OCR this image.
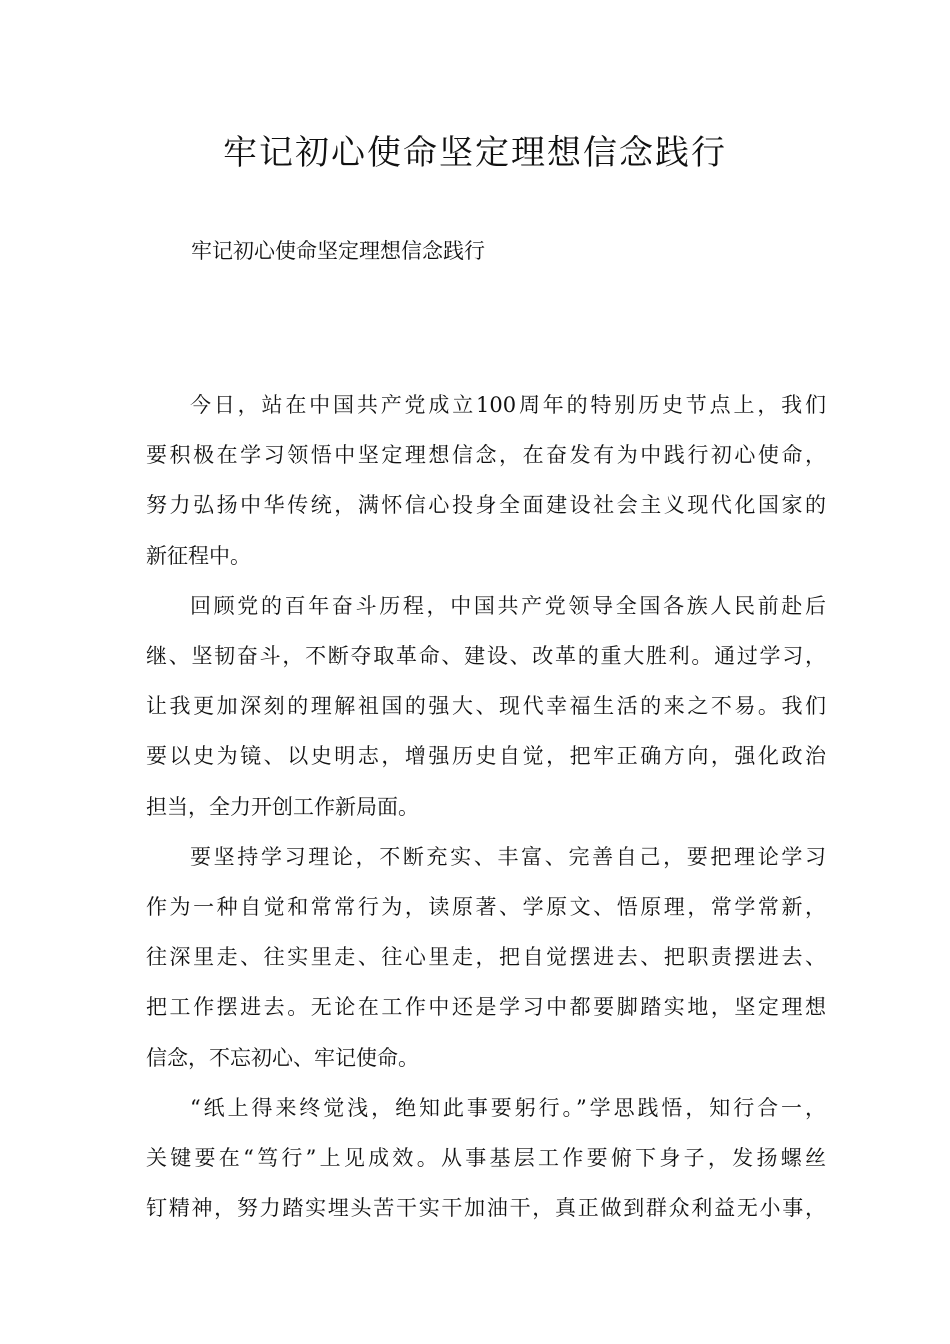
牢记初心使命坚定理想信念践行
牢记初心使命坚定理想信念践行

今日，站在中国共产党成立100周年的特别历史节点上，我们
要积极在学习领悟中坚定理想信念，在奋发有为中践行初心使命，
努力弘扬中华传统，满怀信心投身全面建设社会主义现代化国家的
新征程中。

回顾党的百年奋斗历程，中国共产党领导全国各族人民前赴后
继、坚韧奋斗，不断夺取革命、建设、改革的重大胜利。通过学习，
让我更加深刻的理解祖国的强大、现代幸福生活的来之不易。我们
要以史为镜、以史明志，增强历史自觉，把牢正确方向，强化政治
担当，全力开创工作新局面。

要坚持学习理论，不断充实、丰富、完善自己，要把理论学习
作为一种自觉和常常行为，读原著、学原文、悟原理，常学常新，
往深里走、往实里走、往心里走，把自觉摆进去、把职责摆进去、
把工作摆进去。无论在工作中还是学习中都要脚踏实地，坚定理想
信念，不忘初心、牢记使命。

“纸上得来终觉浅，绝知此事要躬行。”学思践悟，知行合一，
关键要在“笃行”上见成效。从事基层工作要俯下身子，发扬螺丝
钉精神，努力踏实埋头苦干实干加油干，真正做到群众利益无小事，
